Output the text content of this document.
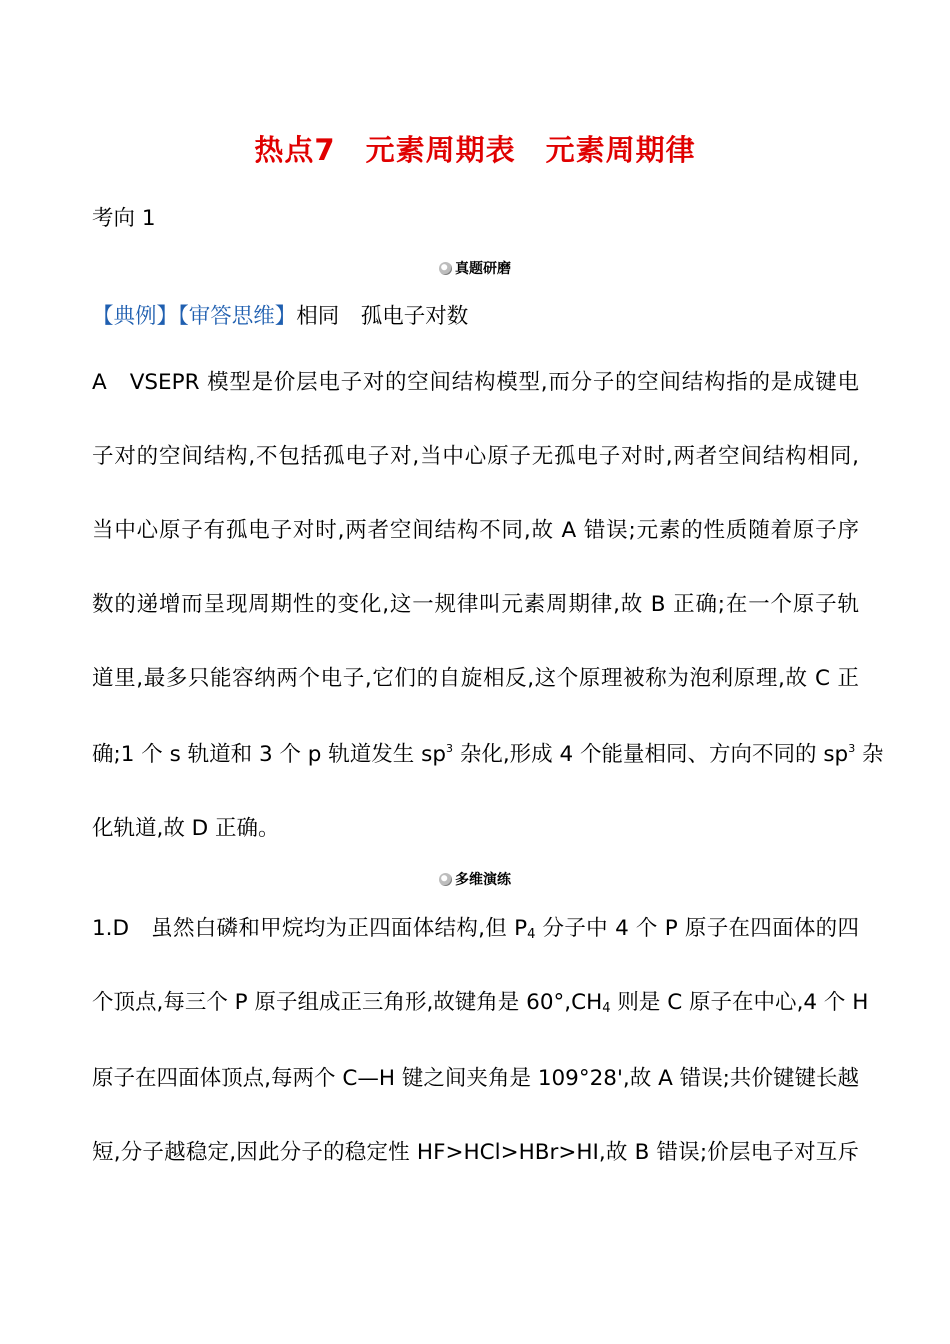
热点7　元素周期表　元素周期律
考向 1
真题研磨
【典例】【审答思维】相同　孤电子对数
A　VSEPR 模型是价层电子对的空间结构模型,而分子的空间结构指的是成键电
子对的空间结构,不包括孤电子对,当中心原子无孤电子对时,两者空间结构相同,
当中心原子有孤电子对时,两者空间结构不同,故 A 错误;元素的性质随着原子序
数的递增而呈现周期性的变化,这一规律叫元素周期律,故 B 正确;在一个原子轨
道里,最多只能容纳两个电子,它们的自旋相反,这个原理被称为泡利原理,故 C 正
确;1 个 s 轨道和 3 个 p 轨道发生 $sp^3$ 杂化,形成 4 个能量相同、方向不同的 $sp^3$ 杂
化轨道,故 D 正确。
多维演练
1.D　虽然白磷和甲烷均为正四面体结构,但 $P_4$ 分子中 4 个 P 原子在四面体的四
个顶点,每三个 P 原子组成正三角形,故键角是 $60^\circ,CH_4$ 则是 C 原子在中心,4 个 H
原子在四面体顶点,每两个 C—H 键之间夹角是 109°28',故 A 错误;共价键键长越
短,分子越稳定,因此分子的稳定性 HF>HCl>HBr>HI,故 B 错误;价层电子对互斥
